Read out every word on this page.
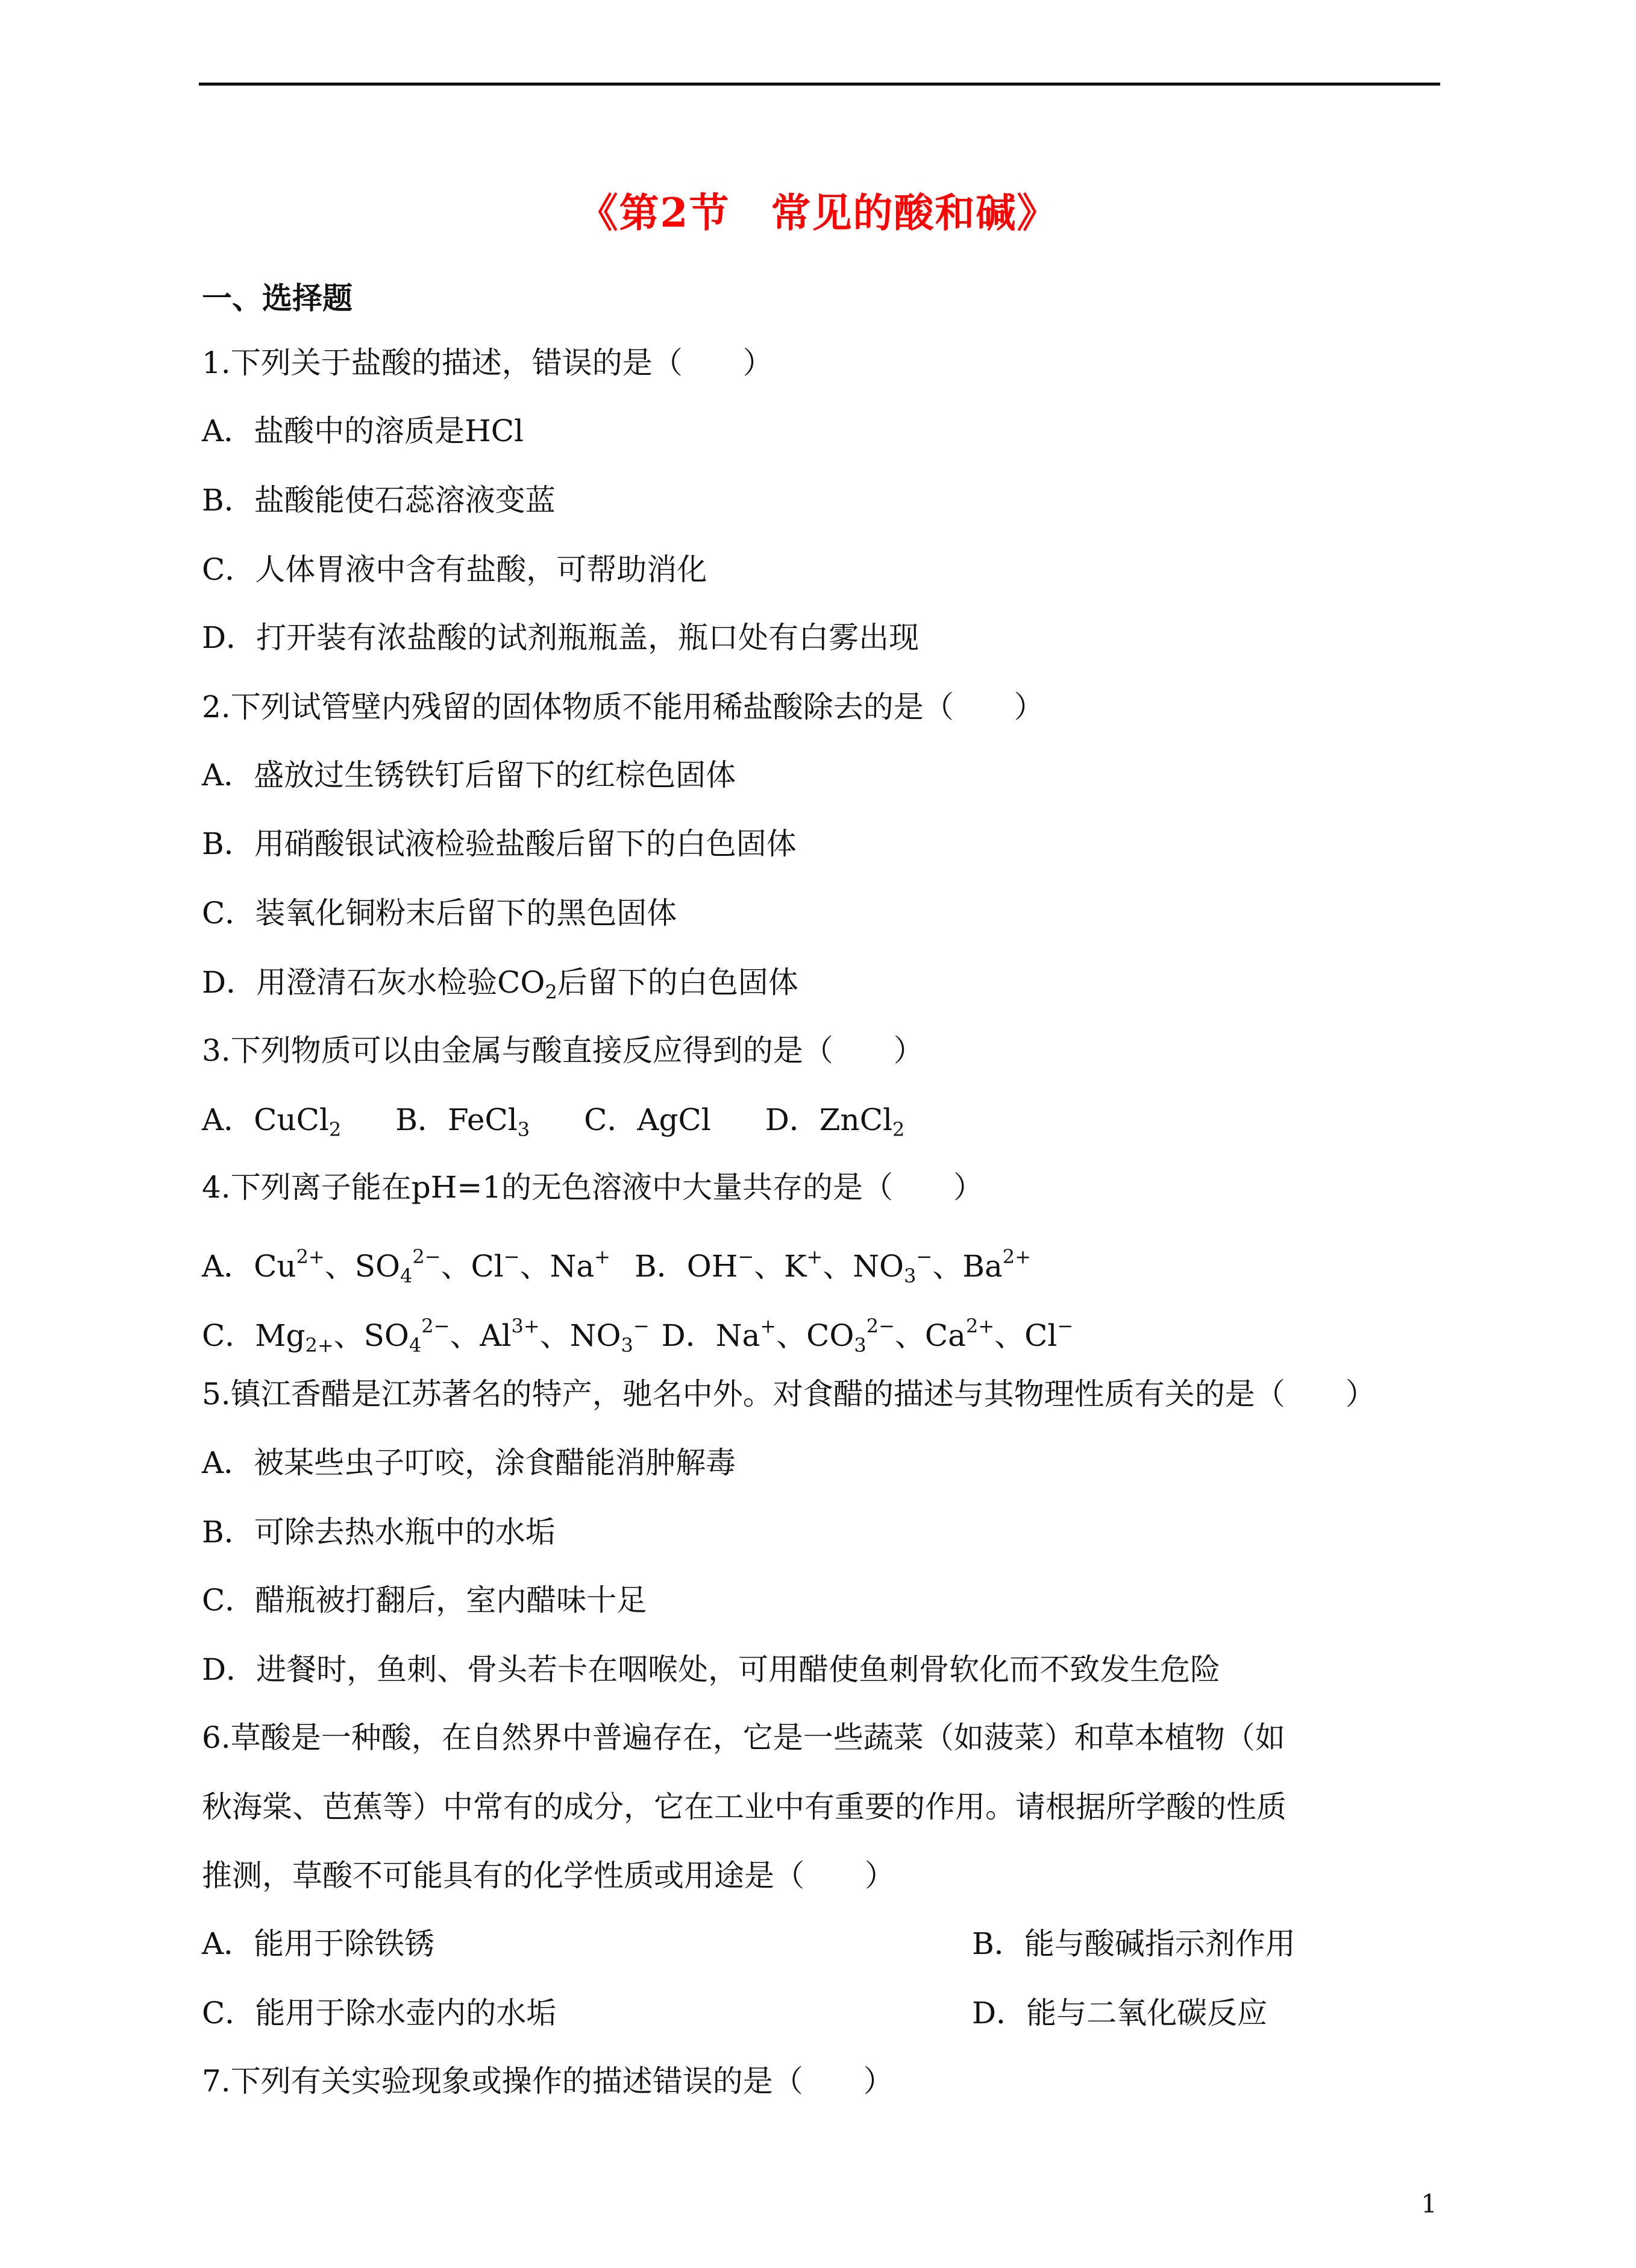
《第2节　常见的酸和碱》
一、选择题
1.下列关于盐酸的描述，错误的是（　　）
A．盐酸中的溶质是HCl
B．盐酸能使石蕊溶液变蓝
C．人体胃液中含有盐酸，可帮助消化
D．打开装有浓盐酸的试剂瓶瓶盖，瓶口处有白雾出现
2.下列试管壁内残留的固体物质不能用稀盐酸除去的是（　　）
A．盛放过生锈铁钉后留下的红棕色固体
B．用硝酸银试液检验盐酸后留下的白色固体
C．装氧化铜粉末后留下的黑色固体
D．用澄清石灰水检验$CO_2$后留下的白色固体
3.下列物质可以由金属与酸直接反应得到的是（　　）
A．CuCl$_2$ B．FeCl$_3$ C．AgCl D．ZnCl$_2$
4.下列离子能在pH=1的无色溶液中大量共存的是（　　）
A．$Cu^{2+}$、$SO_4^{2-}$、Cl−、Na+ B．OH−、K+、$NO_3^-$、$Ba^{2+}$
C．$Mg_{2+}$、$SO_4^{2-}$、$Al^{3+}$、$NO_3^-$ D．Na+、$CO_3^{2-}$、$Ca^{2+}$、Cl−
5.镇江香醋是江苏著名的特产，驰名中外。对食醋的描述与其物理性质有关的是（　　）
A．被某些虫子叮咬，涂食醋能消肿解毒
B．可除去热水瓶中的水垢
C．醋瓶被打翻后，室内醋味十足
D．进餐时，鱼刺、骨头若卡在咽喉处，可用醋使鱼刺骨软化而不致发生危险
6.草酸是一种酸，在自然界中普遍存在，它是一些蔬菜（如菠菜）和草本植物（如
秋海棠、芭蕉等）中常有的成分，它在工业中有重要的作用。请根据所学酸的性质
推测，草酸不可能具有的化学性质或用途是（　　）
A．能用于除铁锈	B．能与酸碱指示剂作用
C．能用于除水壶内的水垢	D．能与二氧化碳反应
7.下列有关实验现象或操作的描述错误的是（　　）
1
